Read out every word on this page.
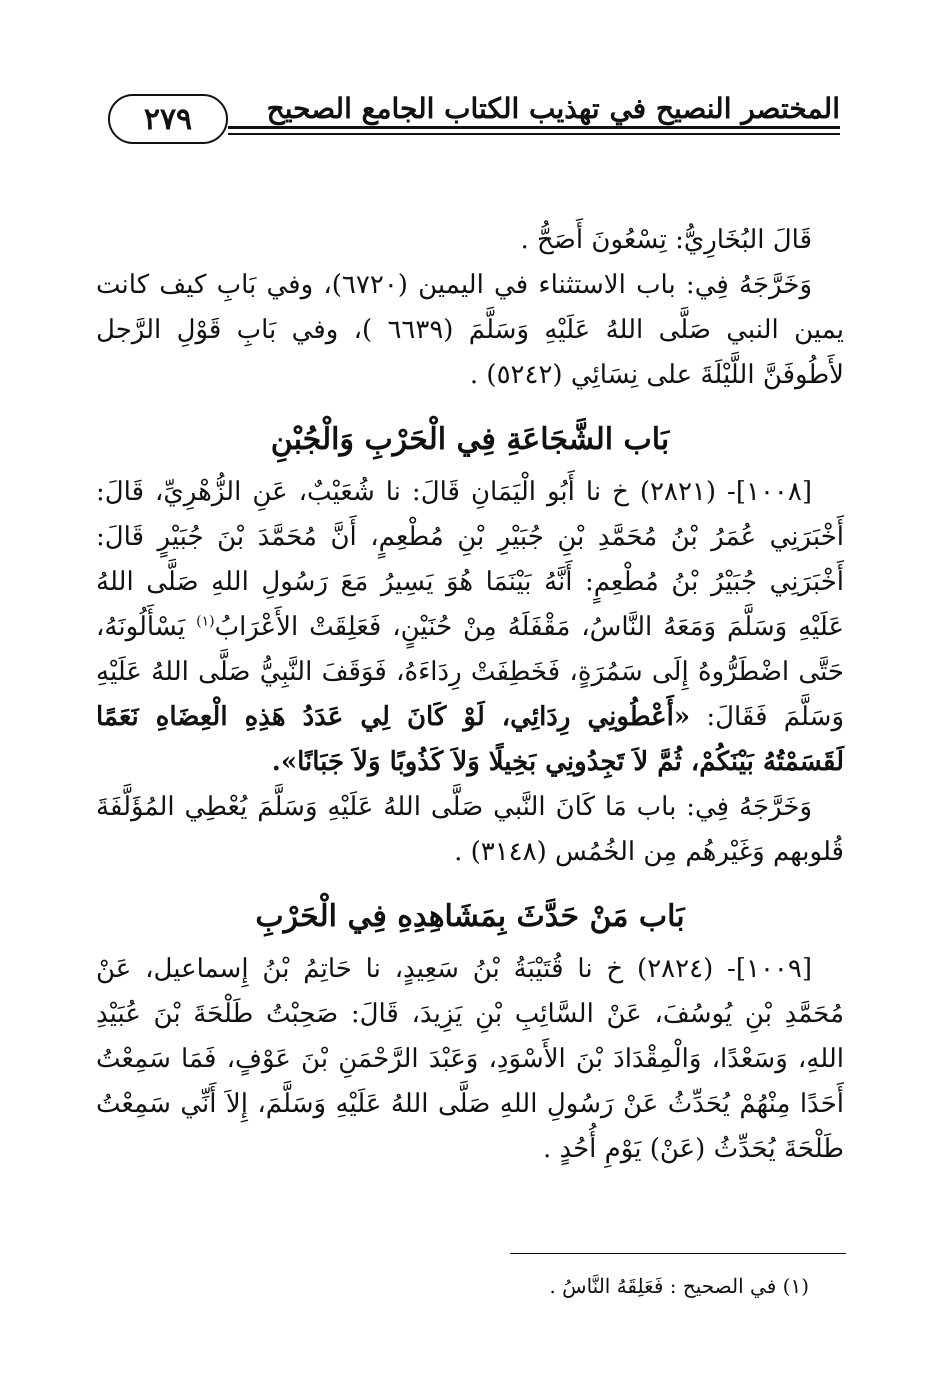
٢٧٩	المختصر النصيح في تهذيب الكتاب الجامع الصحيح

قَالَ البُخَارِيُّ: تِسْعُونَ أَصَحُّ .

وَخَرَّجَهُ فِي: باب الاستثناء في اليمين (٦٧٢٠)، وفي بَابِ كيف كانت يمين النبي صَلَّى اللهُ عَلَيْهِ وَسَلَّمَ (٦٦٣٩ )، وفي بَابِ قَوْلِ الرَّجل لأَطُوفَنَّ اللَّيْلَةَ على نِسَائِي (٥٢٤٢) .

بَاب الشَّجَاعَةِ فِي الْحَرْبِ وَالْجُبْنِ

[١٠٠٨]- (٢٨٢١) خ نا أَبُو الْيَمَانِ قَالَ: نا شُعَيْبٌ، عَنِ الزُّهْرِيِّ، قَالَ: أَخْبَرَنِي عُمَرُ بْنُ مُحَمَّدِ بْنِ جُبَيْرِ بْنِ مُطْعِمٍ، أَنَّ مُحَمَّدَ بْنَ جُبَيْرٍ قَالَ: أَخْبَرَنِي جُبَيْرُ بْنُ مُطْعِمٍ: أَنَّهُ بَيْنَمَا هُوَ يَسِيرُ مَعَ رَسُولِ اللهِ صَلَّى اللهُ عَلَيْهِ وَسَلَّمَ وَمَعَهُ النَّاسُ، مَقْفَلَهُ مِنْ حُنَيْنٍ، فَعَلِقَتْ الأَعْرَابُ$^{(١)}$ يَسْأَلُونَهُ، حَتَّى اضْطَرُّوهُ إِلَى سَمُرَةٍ، فَخَطِفَتْ رِدَاءَهُ، فَوَقَفَ النَّبِيُّ صَلَّى اللهُ عَلَيْهِ وَسَلَّمَ فَقَالَ: «أَعْطُونِي رِدَائِي، لَوْ كَانَ لِي عَدَدُ هَذِهِ الْعِضَاهِ نَعَمًا لَقَسَمْتُهُ بَيْنَكُمْ، ثُمَّ لاَ تَجِدُونِي بَخِيلًا وَلاَ كَذُوبًا وَلاَ جَبَانًا».

وَخَرَّجَهُ فِي: باب مَا كَانَ النَّبي صَلَّى اللهُ عَلَيْهِ وَسَلَّمَ يُعْطِي المُؤَلَّفَةَ قُلوبهم وَغَيْرهُم مِن الخُمُس (٣١٤٨) .

بَاب مَنْ حَدَّثَ بِمَشَاهِدِهِ فِي الْحَرْبِ

[١٠٠٩]- (٢٨٢٤) خ نا قُتَيْبَةُ بْنُ سَعِيدٍ، نا حَاتِمُ بْنُ إِسماعيل، عَنْ مُحَمَّدِ بْنِ يُوسُفَ، عَنْ السَّائِبِ بْنِ يَزِيدَ، قَالَ: صَحِبْتُ طَلْحَةَ بْنَ عُبَيْدِ اللهِ، وَسَعْدًا، وَالْمِقْدَادَ بْنَ الأَسْوَدِ، وَعَبْدَ الرَّحْمَنِ بْنَ عَوْفٍ، فَمَا سَمِعْتُ أَحَدًا مِنْهُمْ يُحَدِّثُ عَنْ رَسُولِ اللهِ صَلَّى اللهُ عَلَيْهِ وَسَلَّمَ، إِلاَ أَنِّي سَمِعْتُ طَلْحَةَ يُحَدِّثُ (عَنْ) يَوْمِ أُحُدٍ .

(١) في الصحيح : فَعَلِقَهُ النَّاسُ .
